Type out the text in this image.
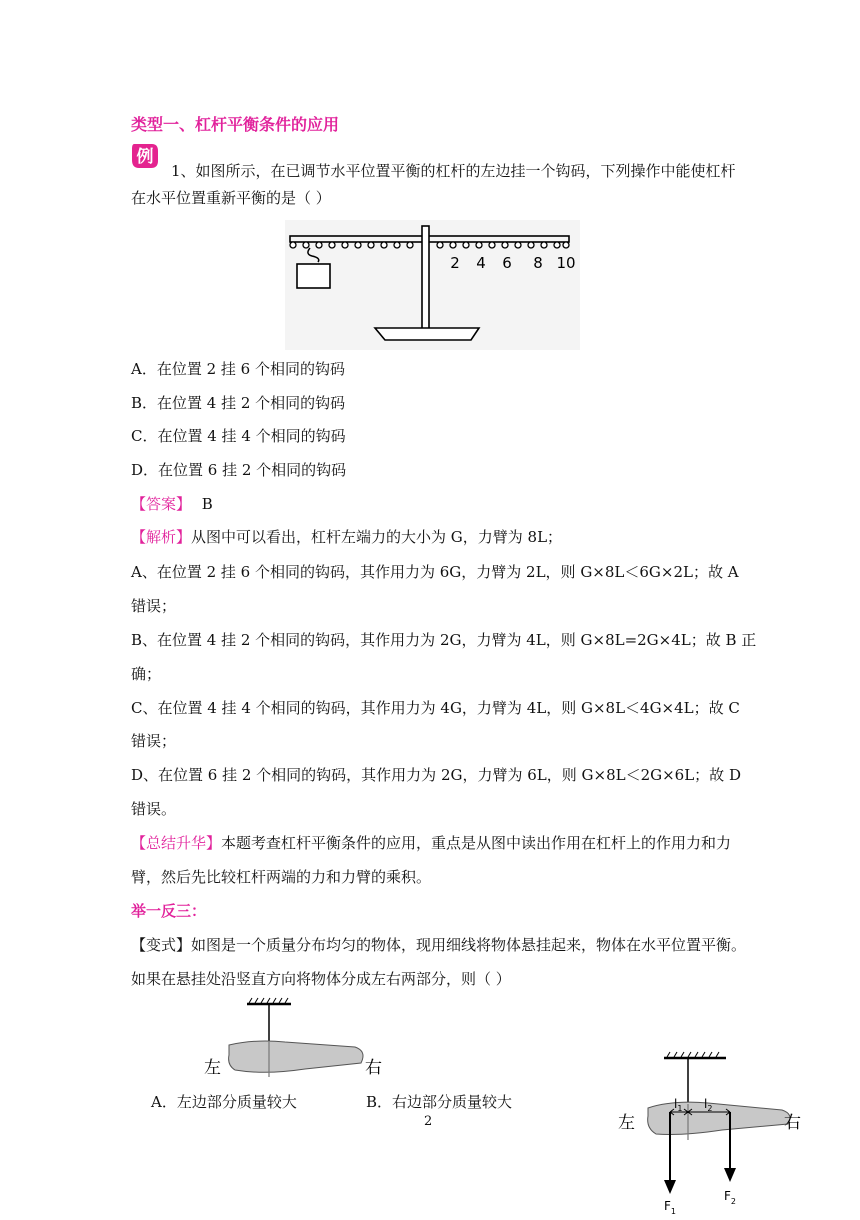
类型一、杠杆平衡条件的应用
例
1、如图所示，在已调节水平位置平衡的杠杆的左边挂一个钩码，下列操作中能使杠杆
在水平位置重新平衡的是（ ）
2 4 6 8 10
A．在位置 2 挂 6 个相同的钩码
B．在位置 4 挂 2 个相同的钩码
C．在位置 4 挂 4 个相同的钩码
D．在位置 6 挂 2 个相同的钩码
【答案】 B
【解析】从图中可以看出，杠杆左端力的大小为 G，力臂为 8L；
A、在位置 2 挂 6 个相同的钩码，其作用力为 6G，力臂为 2L，则 G×8L＜6G×2L；故 A
错误；
B、在位置 4 挂 2 个相同的钩码，其作用力为 2G，力臂为 4L，则 G×8L=2G×4L；故 B 正
确；
C、在位置 4 挂 4 个相同的钩码，其作用力为 4G，力臂为 4L，则 G×8L＜4G×4L；故 C
错误；
D、在位置 6 挂 2 个相同的钩码，其作用力为 2G，力臂为 6L，则 G×8L＜2G×6L；故 D
错误。
【总结升华】本题考查杠杆平衡条件的应用，重点是从图中读出作用在杠杆上的作用力和力
臂，然后先比较杠杆两端的力和力臂的乘积。
举一反三：
【变式】如图是一个质量分布均匀的物体，现用细线将物体悬挂起来，物体在水平位置平衡。
如果在悬挂处沿竖直方向将物体分成左右两部分，则（ ）
左	右
A．左边部分质量较大	B．右边部分质量较大
2
$l_1$ $l_2$
$F_1$
$F_2$
左	右
